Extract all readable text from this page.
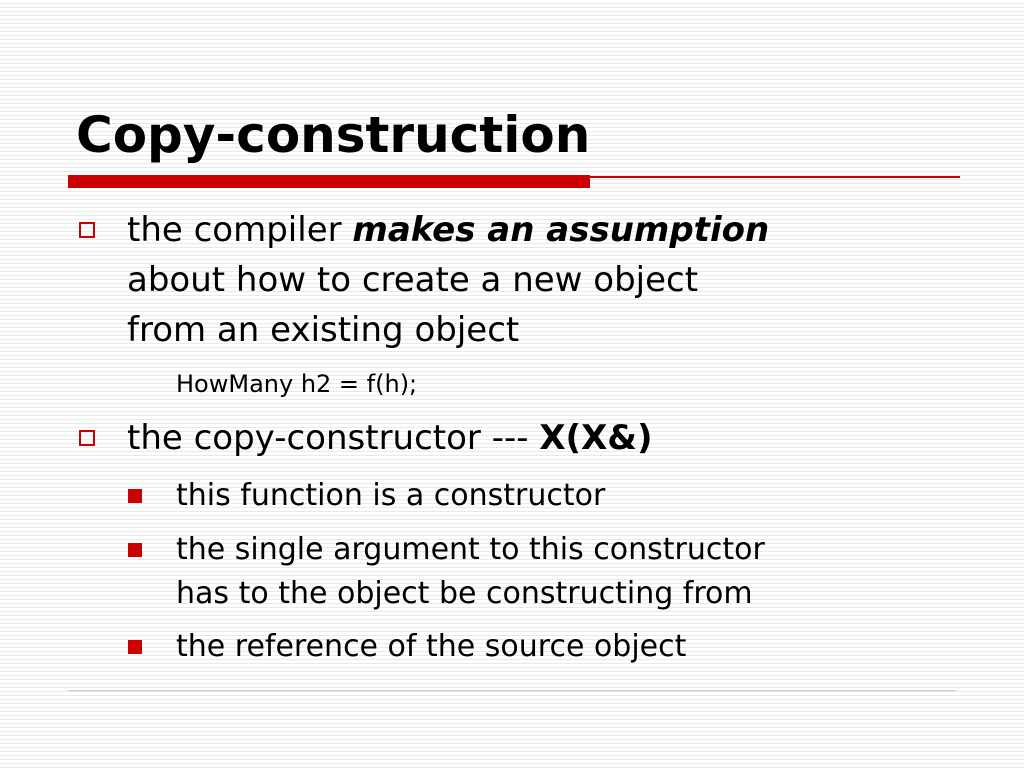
Copy-construction
the compiler makes an assumption
about how to create a new object
from an existing object
HowMany h2 = f(h);
the copy-constructor --- X(X&)
this function is a constructor
the single argument to this constructor
has to the object be constructing from
the reference of the source object
